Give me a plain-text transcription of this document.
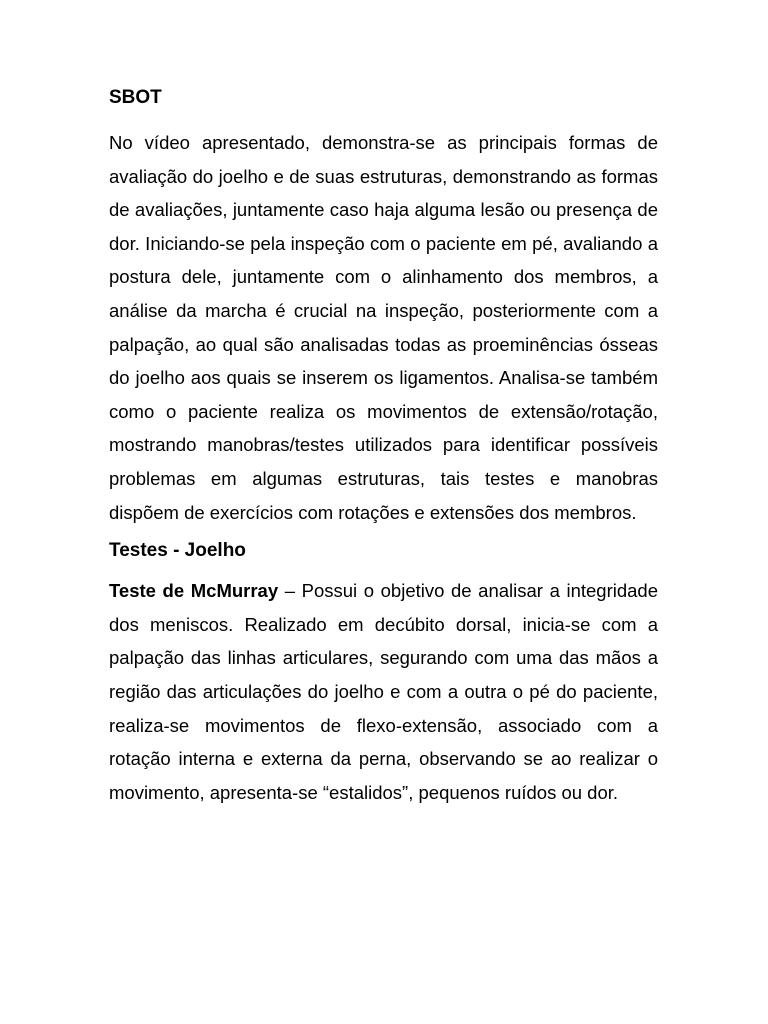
SBOT

No vídeo apresentado, demonstra-se as principais formas de avaliação do joelho e de suas estruturas, demonstrando as formas de avaliações, juntamente caso haja alguma lesão ou presença de dor. Iniciando-se pela inspeção com o paciente em pé, avaliando a postura dele, juntamente com o alinhamento dos membros, a análise da marcha é crucial na inspeção, posteriormente com a palpação, ao qual são analisadas todas as proeminências ósseas do joelho aos quais se inserem os ligamentos. Analisa-se também como o paciente realiza os movimentos de extensão/rotação, mostrando manobras/testes utilizados para identificar possíveis problemas em algumas estruturas, tais testes e manobras dispõem de exercícios com rotações e extensões dos membros.

Testes - Joelho

Teste de McMurray – Possui o objetivo de analisar a integridade dos meniscos. Realizado em decúbito dorsal, inicia-se com a palpação das linhas articulares, segurando com uma das mãos a região das articulações do joelho e com a outra o pé do paciente, realiza-se movimentos de flexo-extensão, associado com a rotação interna e externa da perna, observando se ao realizar o movimento, apresenta-se “estalidos”, pequenos ruídos ou dor.
